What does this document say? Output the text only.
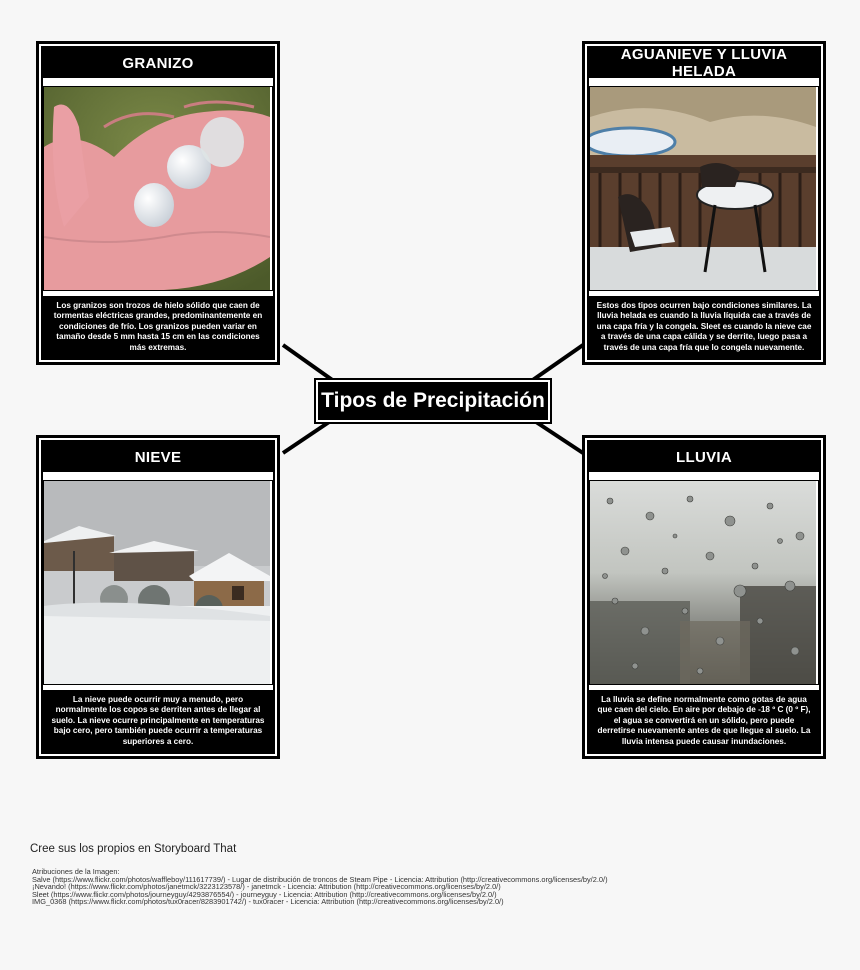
GRANIZO
Los granizos son trozos de hielo sólido que caen de tormentas eléctricas grandes, predominantemente en condiciones de frío. Los granizos pueden variar en tamaño desde 5 mm hasta 15 cm en las condiciones más extremas.
AGUANIEVE Y LLUVIA HELADA
Estos dos tipos ocurren bajo condiciones similares. La lluvia helada es cuando la lluvia líquida cae a través de una capa fría y la congela. Sleet es cuando la nieve cae a través de una capa cálida y se derrite, luego pasa a través de una capa fría que lo congela nuevamente.
NIEVE
La nieve puede ocurrir muy a menudo, pero normalmente los copos se derriten antes de llegar al suelo. La nieve ocurre principalmente en temperaturas bajo cero, pero también puede ocurrir a temperaturas superiores a cero.
LLUVIA
La lluvia se define normalmente como gotas de agua que caen del cielo. En aire por debajo de -18 º C (0 º F), el agua se convertirá en un sólido, pero puede derretirse nuevamente antes de que llegue al suelo. La lluvia intensa puede causar inundaciones.
Tipos de Precipitación
Cree sus los propios en Storyboard That
Atribuciones de la Imagen:
Salve (https://www.flickr.com/photos/waffleboy/111617739/) - Lugar de distribución de troncos de Steam Pipe - Licencia: Attribution (http://creativecommons.org/licenses/by/2.0/)
¡Nevando! (https://www.flickr.com/photos/janetmck/3223123578/) - janetmck - Licencia: Attribution (http://creativecommons.org/licenses/by/2.0/)
Sleet (https://www.flickr.com/photos/journeyguy/4293876554/) - journeyguy - Licencia: Attribution (http://creativecommons.org/licenses/by/2.0/)
IMG_0368 (https://www.flickr.com/photos/tux0racer/8283901742/) - tux0racer - Licencia: Attribution (http://creativecommons.org/licenses/by/2.0/)
